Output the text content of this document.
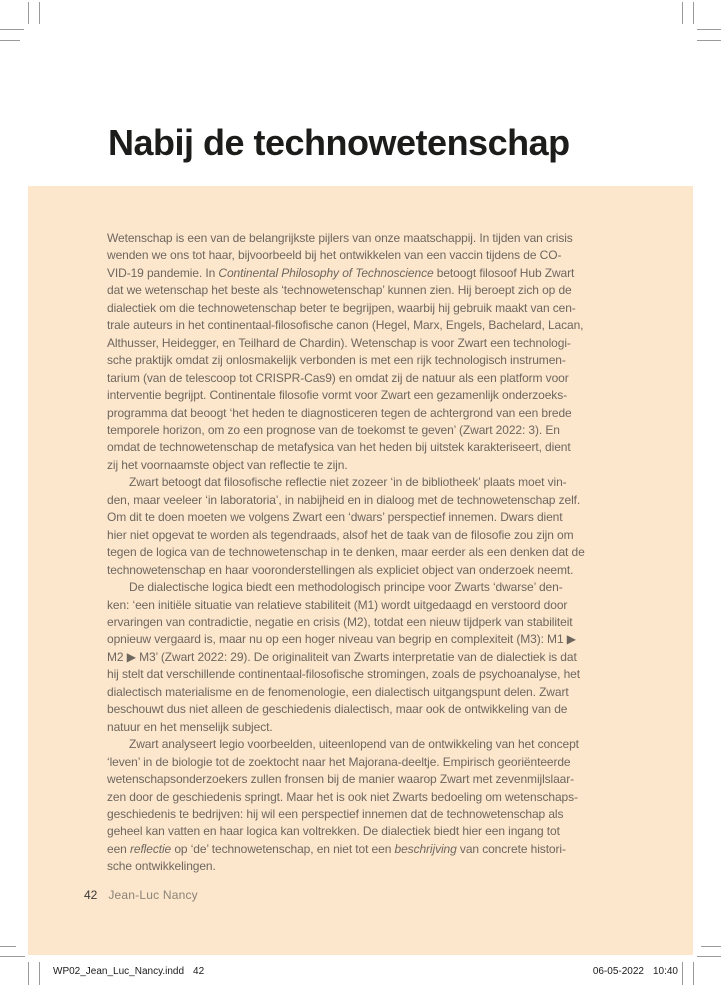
Nabij de technowetenschap
Wetenschap is een van de belangrijkste pijlers van onze maatschappij. In tijden van crisis
wenden we ons tot haar, bijvoorbeeld bij het ontwikkelen van een vaccin tijdens de CO-
VID-19 pandemie. In Continental Philosophy of Technoscience betoogt filosoof Hub Zwart
dat we wetenschap het beste als ‘technowetenschap’ kunnen zien. Hij beroept zich op de
dialectiek om die technowetenschap beter te begrijpen, waarbij hij gebruik maakt van cen-
trale auteurs in het continentaal-filosofische canon (Hegel, Marx, Engels, Bachelard, Lacan,
Althusser, Heidegger, en Teilhard de Chardin). Wetenschap is voor Zwart een technologi-
sche praktijk omdat zij onlosmakelijk verbonden is met een rijk technologisch instrumen-
tarium (van de telescoop tot CRISPR-Cas9) en omdat zij de natuur als een platform voor
interventie begrijpt. Continentale filosofie vormt voor Zwart een gezamenlijk onderzoeks-
programma dat beoogt ‘het heden te diagnosticeren tegen de achtergrond van een brede
temporele horizon, om zo een prognose van de toekomst te geven’ (Zwart 2022: 3). En
omdat de technowetenschap de metafysica van het heden bij uitstek karakteriseert, dient
zij het voornaamste object van reflectie te zijn.
Zwart betoogt dat filosofische reflectie niet zozeer ‘in de bibliotheek’ plaats moet vin-
den, maar veeleer ‘in laboratoria’, in nabijheid en in dialoog met de technowetenschap zelf.
Om dit te doen moeten we volgens Zwart een ‘dwars’ perspectief innemen. Dwars dient
hier niet opgevat te worden als tegendraads, alsof het de taak van de filosofie zou zijn om
tegen de logica van de technowetenschap in te denken, maar eerder als een denken dat de
technowetenschap en haar vooronderstellingen als expliciet object van onderzoek neemt.
De dialectische logica biedt een methodologisch principe voor Zwarts ‘dwarse’ den-
ken: ‘een initiële situatie van relatieve stabiliteit (M1) wordt uitgedaagd en verstoord door
ervaringen van contradictie, negatie en crisis (M2), totdat een nieuw tijdperk van stabiliteit
opnieuw vergaard is, maar nu op een hoger niveau van begrip en complexiteit (M3): M1 ▶
M2 ▶ M3’ (Zwart 2022: 29). De originaliteit van Zwarts interpretatie van de dialectiek is dat
hij stelt dat verschillende continentaal-filosofische stromingen, zoals de psychoanalyse, het
dialectisch materialisme en de fenomenologie, een dialectisch uitgangspunt delen. Zwart
beschouwt dus niet alleen de geschiedenis dialectisch, maar ook de ontwikkeling van de
natuur en het menselijk subject.
Zwart analyseert legio voorbeelden, uiteenlopend van de ontwikkeling van het concept
‘leven’ in de biologie tot de zoektocht naar het Majorana-deeltje. Empirisch georiënteerde
wetenschapsonderzoekers zullen fronsen bij de manier waarop Zwart met zevenmijlslaar-
zen door de geschiedenis springt. Maar het is ook niet Zwarts bedoeling om wetenschaps-
geschiedenis te bedrijven: hij wil een perspectief innemen dat de technowetenschap als
geheel kan vatten en haar logica kan voltrekken. De dialectiek biedt hier een ingang tot
een reflectie op ‘de’ technowetenschap, en niet tot een beschrijving van concrete histori-
sche ontwikkelingen.
42 Jean-Luc Nancy
WP02_Jean_Luc_Nancy.indd 42	06-05-2022 10:40
